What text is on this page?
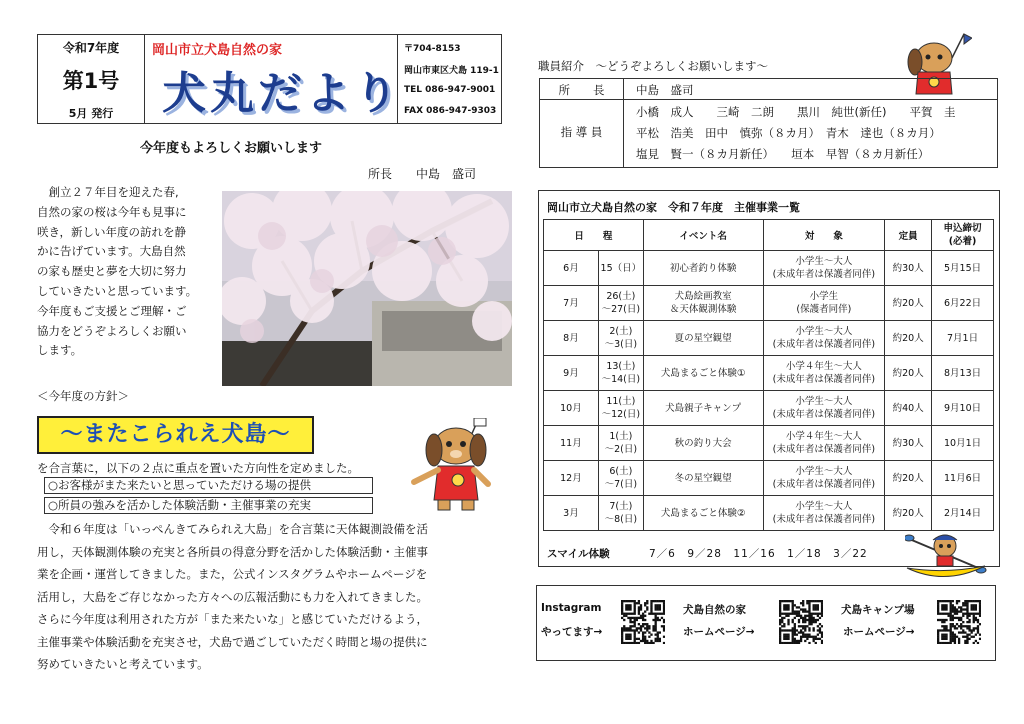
令和7年度
第1号
5月 発行
岡山市立犬島自然の家
犬丸だより
〒704-8153
岡山市東区犬島 119-1
TEL 086-947-9001
FAX 086-947-9303
今年度もよろしくお願いします
所長　　中島　盛司
　創立２７年目を迎えた春,
自然の家の桜は今年も見事に
咲き，新しい年度の訪れを静
かに告げています。大島自然
の家も歴史と夢を大切に努力
していきたいと思っています。
今年度もご支援とご理解・ご
協力をどうぞよろしくお願い
します。
＜今年度の方針＞
～またこられえ犬島～
を合言葉に，以下の２点に重点を置いた方向性を定めました。
○お客様がまた来たいと思っていただける場の提供
○所員の強みを活かした体験活動・主催事業の充実
　令和６年度は「いっぺんきてみられえ大島」を合言葉に天体観測設備を活
用し，天体観測体験の充実と各所員の得意分野を活かした体験活動・主催事
業を企画・運営してきました。また，公式インスタグラムやホームページを
活用し，大島をご存じなかった方々への広報活動にも力を入れてきました。
さらに今年度は利用された方が「また来たいな」と感じていただけるよう，
主催事業や体験活動を充実させ，犬島で過ごしていただく時間と場の提供に
努めていきたいと考えています。
職員紹介　～どうぞよろしくお願いします～
所　　長	中島　盛司
指 導 員
小橋　成人　　三崎　二朗　　黒川　純世(新任)　　平賀　圭
平松　浩美　田中　慎弥（８カ月）　青木　達也（８カ月）
塩見　賢一（８カ月新任）　　垣本　早智（８カ月新任）
岡山市立犬島自然の家　令和７年度　主催事業一覧
日　　程		イベント名	対　　象	定員	申込締切
(必着)
6月	15（日）	初心者釣り体験	小学生～大人
(未成年者は保護者同伴)	約30人	5月15日
7月	26(土)
～27(日)	犬島絵画教室
＆天体観測体験	小学生
(保護者同伴)	約20人	6月22日
8月	2(土)
～3(日)	夏の星空観望	小学生～大人
(未成年者は保護者同伴)	約20人	7月1日
9月	13(土)
～14(日)	犬島まるごと体験①	小学４年生～大人
(未成年者は保護者同伴)	約20人	8月13日
10月	11(土)
～12(日)	犬島親子キャンプ	小学生～大人
(未成年者は保護者同伴)	約40人	9月10日
11月	1(土)
～2(日)	秋の釣り大会	小学４年生～大人
(未成年者は保護者同伴)	約30人	10月1日
12月	6(土)
～7(日)	冬の星空観望	小学生～大人
(未成年者は保護者同伴)	約20人	11月6日
3月	7(土)
～8(日)	犬島まるごと体験②	小学生～大人
(未成年者は保護者同伴)	約20人	2月14日
スマイル体験	7／6　9／28　11／16　1／18　3／22
Instagram
やってます→
犬島自然の家
ホームページ→
犬島キャンプ場
ホームページ→
